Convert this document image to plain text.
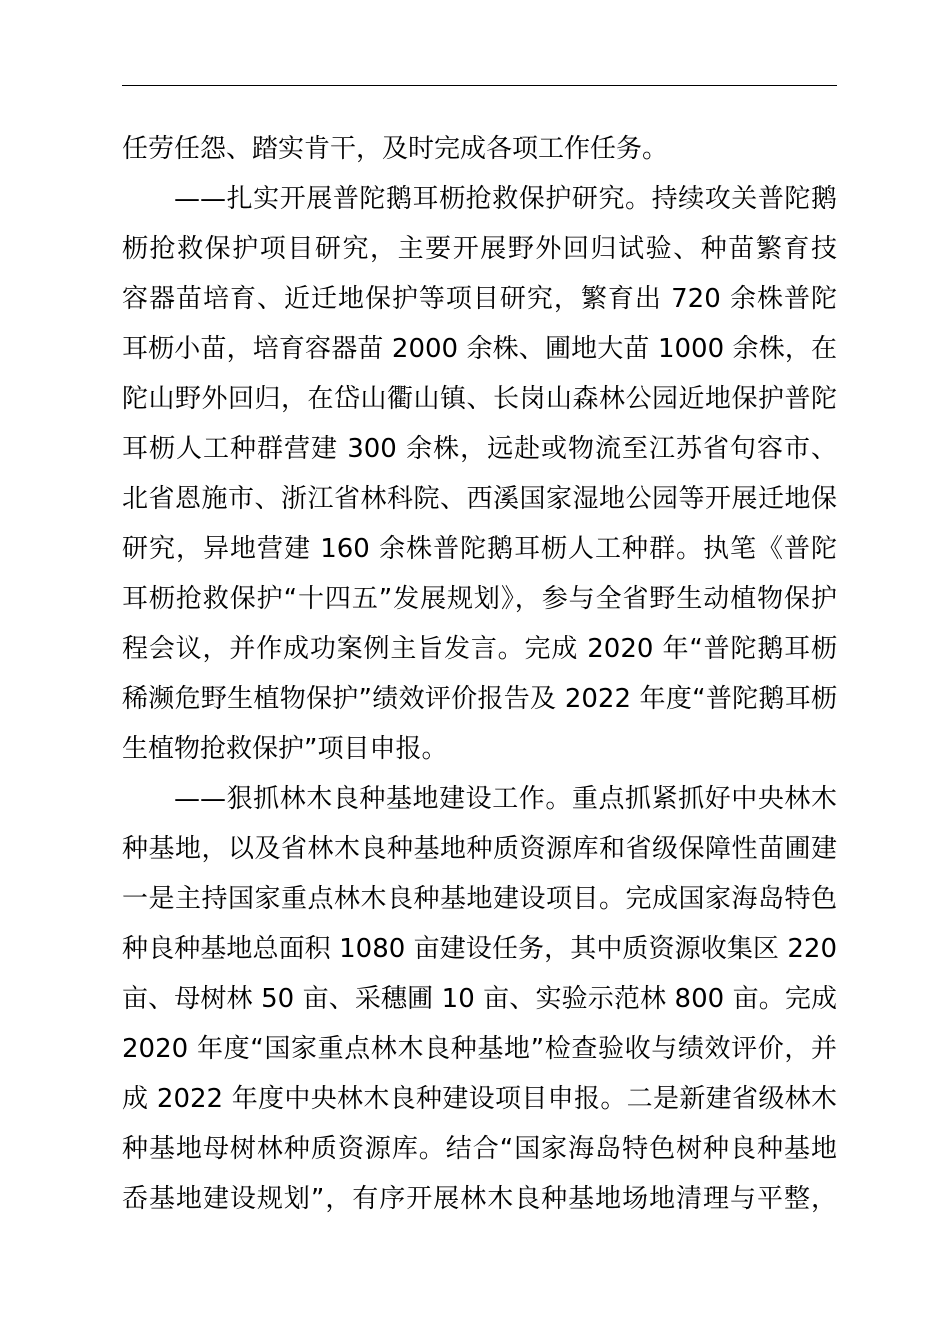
任劳任怨、踏实肯干，及时完成各项工作任务。
——扎实开展普陀鹅耳枥抢救保护研究。持续攻关普陀鹅
枥抢救保护项目研究，主要开展野外回归试验、种苗繁育技
容器苗培育、近迁地保护等项目研究，繁育出 720 余株普陀
耳枥小苗，培育容器苗 2000 余株、圃地大苗 1000 余株，在
陀山野外回归，在岱山衢山镇、长岗山森林公园近地保护普陀
耳枥人工种群营建 300 余株，远赴或物流至江苏省句容市、
北省恩施市、浙江省林科院、西溪国家湿地公园等开展迁地保
研究，异地营建 160 余株普陀鹅耳枥人工种群。执笔《普陀
耳枥抢救保护“十四五”发展规划》，参与全省野生动植物保护
程会议，并作成功案例主旨发言。完成 2020 年“普陀鹅耳枥
稀濒危野生植物保护”绩效评价报告及 2022 年度“普陀鹅耳枥
生植物抢救保护”项目申报。
——狠抓林木良种基地建设工作。重点抓紧抓好中央林木
种基地，以及省林木良种基地种质资源库和省级保障性苗圃建
一是主持国家重点林木良种基地建设项目。完成国家海岛特色
种良种基地总面积 1080 亩建设任务，其中质资源收集区 220
亩、母树林 50 亩、采穗圃 10 亩、实验示范林 800 亩。完成
2020 年度“国家重点林木良种基地”检查验收与绩效评价，并
成 2022 年度中央林木良种建设项目申报。二是新建省级林木
种基地母树林种质资源库。结合“国家海岛特色树种良种基地
岙基地建设规划”，有序开展林木良种基地场地清理与平整，
